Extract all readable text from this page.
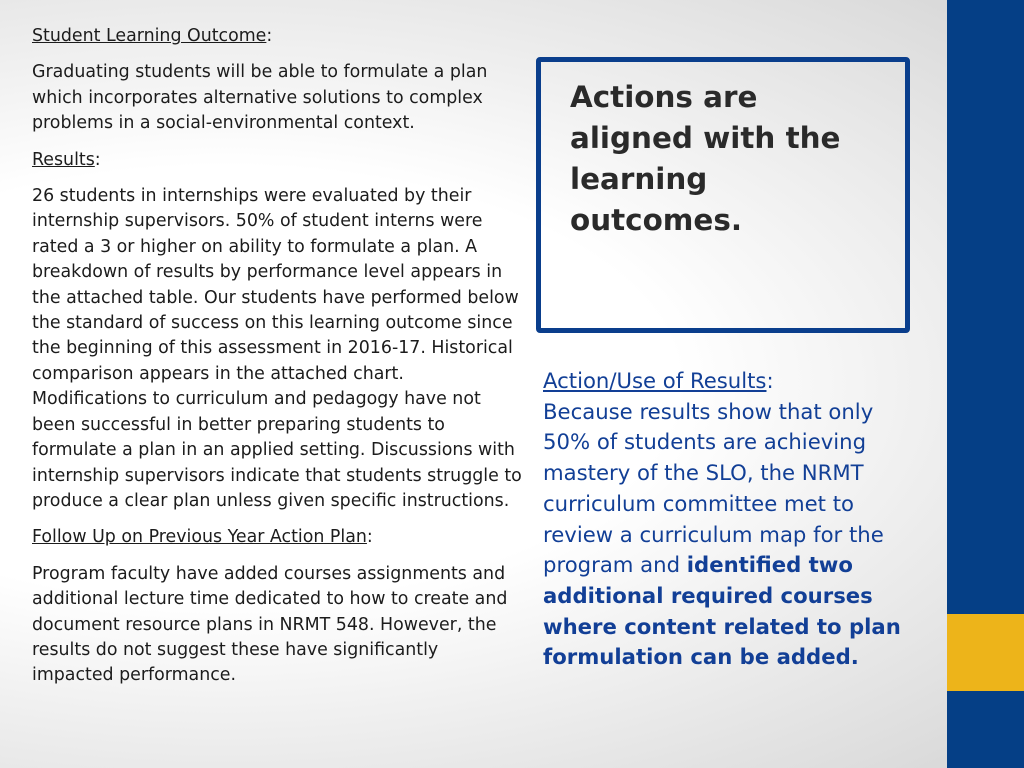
Student Learning Outcome:

Graduating students will be able to formulate a plan which incorporates alternative solutions to complex problems in a social-environmental context.

Results:

26 students in internships were evaluated by their internship supervisors. 50% of student interns were rated a 3 or higher on ability to formulate a plan. A breakdown of results by performance level appears in the attached table. Our students have performed below the standard of success on this learning outcome since the beginning of this assessment in 2016-17. Historical comparison appears in the attached chart. Modifications to curriculum and pedagogy have not been successful in better preparing students to formulate a plan in an applied setting. Discussions with internship supervisors indicate that students struggle to produce a clear plan unless given specific instructions.

Follow Up on Previous Year Action Plan:

Program faculty have added courses assignments and additional lecture time dedicated to how to create and document resource plans in NRMT 548. However, the results do not suggest these have significantly impacted performance.

Actions are aligned with the learning outcomes.
Action/Use of Results:
Because results show that only 50% of students are achieving mastery of the SLO, the NRMT curriculum committee met to review a curriculum map for the program and identified two additional required courses where content related to plan formulation can be added.
